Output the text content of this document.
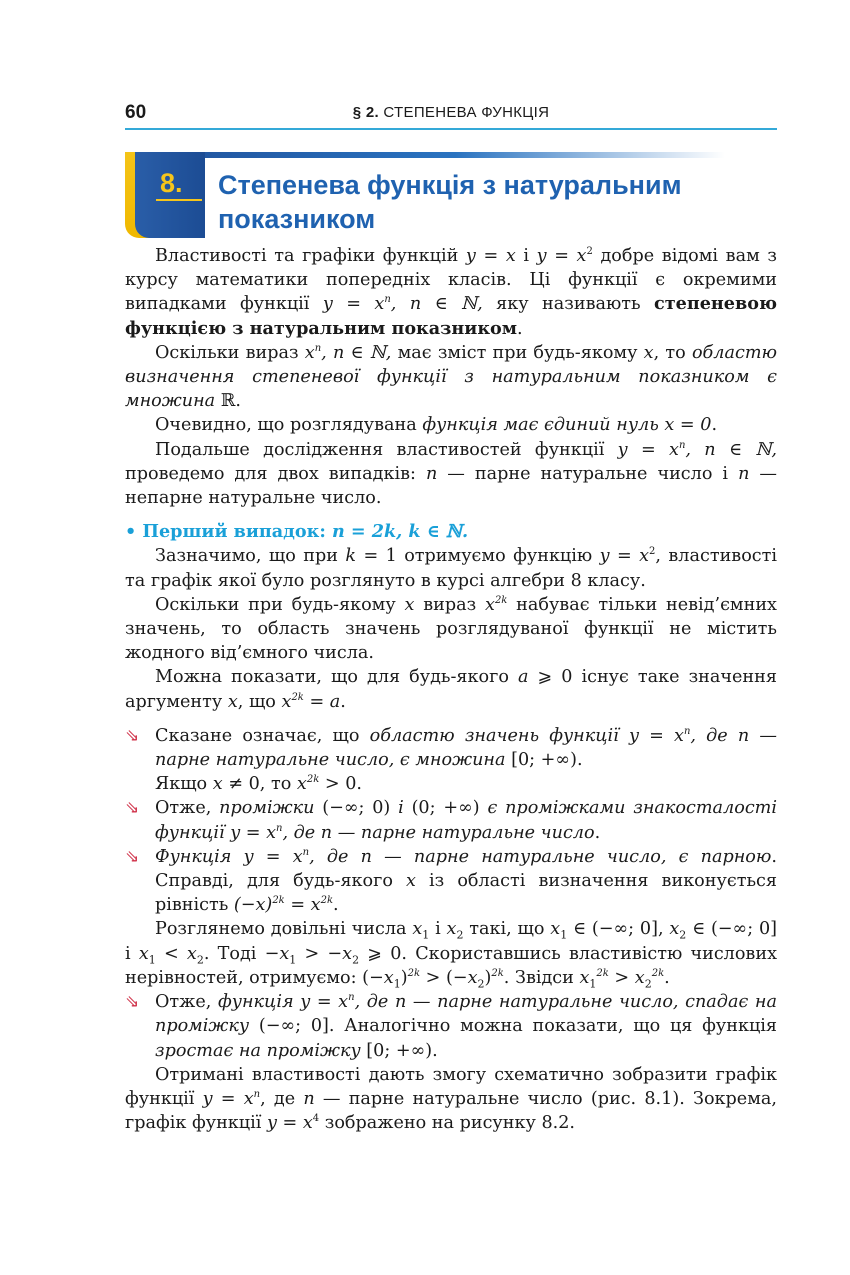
60	§ 2. СТЕПЕНЕВА ФУНКЦІЯ
8. Степенева функція з натуральним показником

Властивості та графіки функцій y = x і $y = x^2$ добре відомі вам з курсу математики попередніх класів. Ці функції є окремими випадками функції $y = x^n$, n ∈ ℕ, яку називають степеневою функцією з натуральним показником.

Оскільки вираз $x^n$, n ∈ ℕ, має зміст при будь-якому x, то областю визначення степеневої функції з натуральним показником є множина ℝ.

Очевидно, що розглядувана функція має єдиний нуль x = 0.

Подальше дослідження властивостей функції $y = x^n$, n ∈ ℕ, проведемо для двох випадків: n — парне натуральне число і n — непарне натуральне число.

• Перший випадок: n = 2k, k ∈ ℕ.

Зазначимо, що при k = 1 отримуємо функцію $y = x^2$, властивості та графік якої було розглянуто в курсі алгебри 8 класу.

Оскільки при будь-якому x вираз $x^{2k}$ набуває тільки невід’ємних значень, то область значень розглядуваної функції не містить жодного від’ємного числа.

Можна показати, що для будь-якого a ⩾ 0 існує таке значення аргументу x, що $x^{2k} = a$.

⇘ Сказане означає, що областю значень функції $y = x^n$, де n — парне натуральне число, є множина [0; +∞).
Якщо x ≠ 0, то $x^{2k} > 0$.

⇘ Отже, проміжки (−∞; 0) і (0; +∞) є проміжками знакосталості функції $y = x^n$, де n — парне натуральне число.

⇘ Функція $y = x^n$, де n — парне натуральне число, є парною. Справді, для будь-якого x із області визначення виконується рівність $(-x)^{2k} = x^{2k}$.

Розглянемо довільні числа $x_1$ і $x_2$ такі, що $x_1$ ∈ (−∞; 0], $x_2$ ∈ (−∞; 0] і $x_1 < x_2$. Тоді $-x_1 > -x_2$ ⩾ 0. Скориставшись властивістю числових нерівностей, отримуємо: $(-x_1)^{2k} > (-x_2)^{2k}$. Звідси $x_1^{2k} > x_2^{2k}$.

⇘ Отже, функція $y = x^n$, де n — парне натуральне число, спадає на проміжку (−∞; 0]. Аналогічно можна показати, що ця функція зростає на проміжку [0; +∞).

Отримані властивості дають змогу схематично зобразити графік функції $y = x^n$, де n — парне натуральне число (рис. 8.1). Зокрема, графік функції $y = x^4$ зображено на рисунку 8.2.
